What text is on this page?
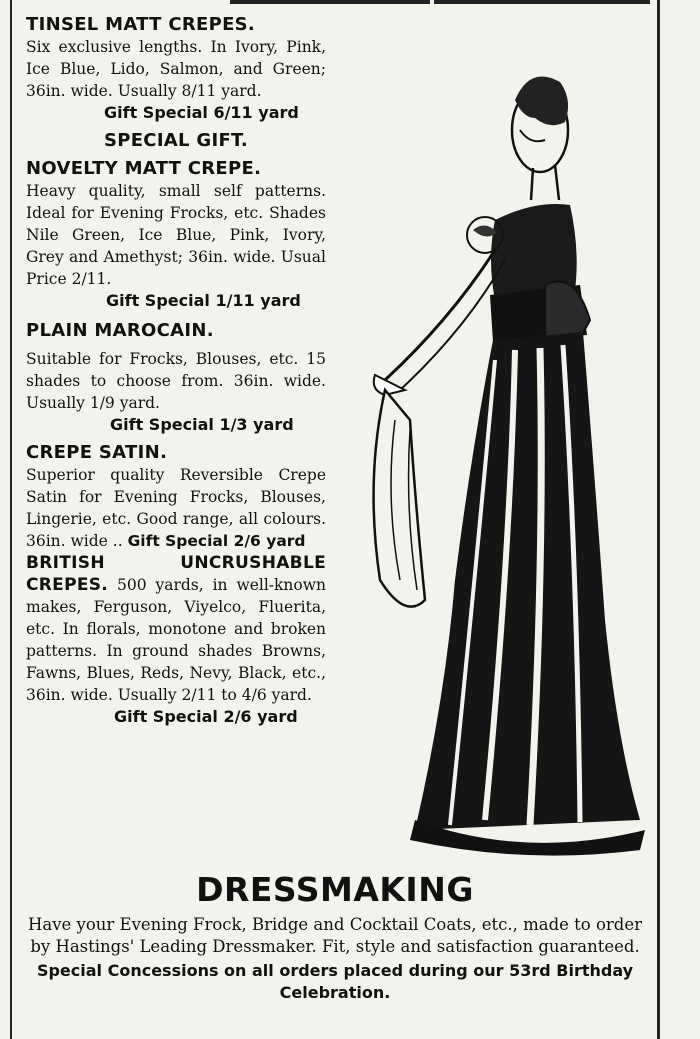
TINSEL MATT CREPES.

Six exclusive lengths. In Ivory, Pink, Ice Blue, Lido, Salmon, and Green; 36in. wide. Usually 8/11 yard.

Gift Special 6/11 yard

SPECIAL GIFT.

NOVELTY MATT CREPE.

Heavy quality, small self patterns. Ideal for Evening Frocks, etc. Shades Nile Green, Ice Blue, Pink, Ivory, Grey and Amethyst; 36in. wide. Usual Price 2/11.

Gift Special 1/11 yard

PLAIN MAROCAIN.

Suitable for Frocks, Blouses, etc. 15 shades to choose from. 36in. wide. Usually 1/9 yard.

Gift Special 1/3 yard

CREPE SATIN.

Superior quality Reversible Crepe Satin for Evening Frocks, Blouses, Lingerie, etc. Good range, all colours. 36in. wide .. Gift Special 2/6 yard

BRITISH UNCRUSHABLE CREPES. 500 yards, in well-known makes, Ferguson, Viyelco, Fluerita, etc. In florals, monotone and broken patterns. In ground shades Browns, Fawns, Blues, Reds, Nevy, Black, etc., 36in. wide. Usually 2/11 to 4/6 yard.

Gift Special 2/6 yard

DRESSMAKING

Have your Evening Frock, Bridge and Cocktail Coats, etc., made to order by Hastings' Leading Dressmaker. Fit, style and satisfaction guaranteed.

Special Concessions on all orders placed during our 53rd Birthday Celebration.
